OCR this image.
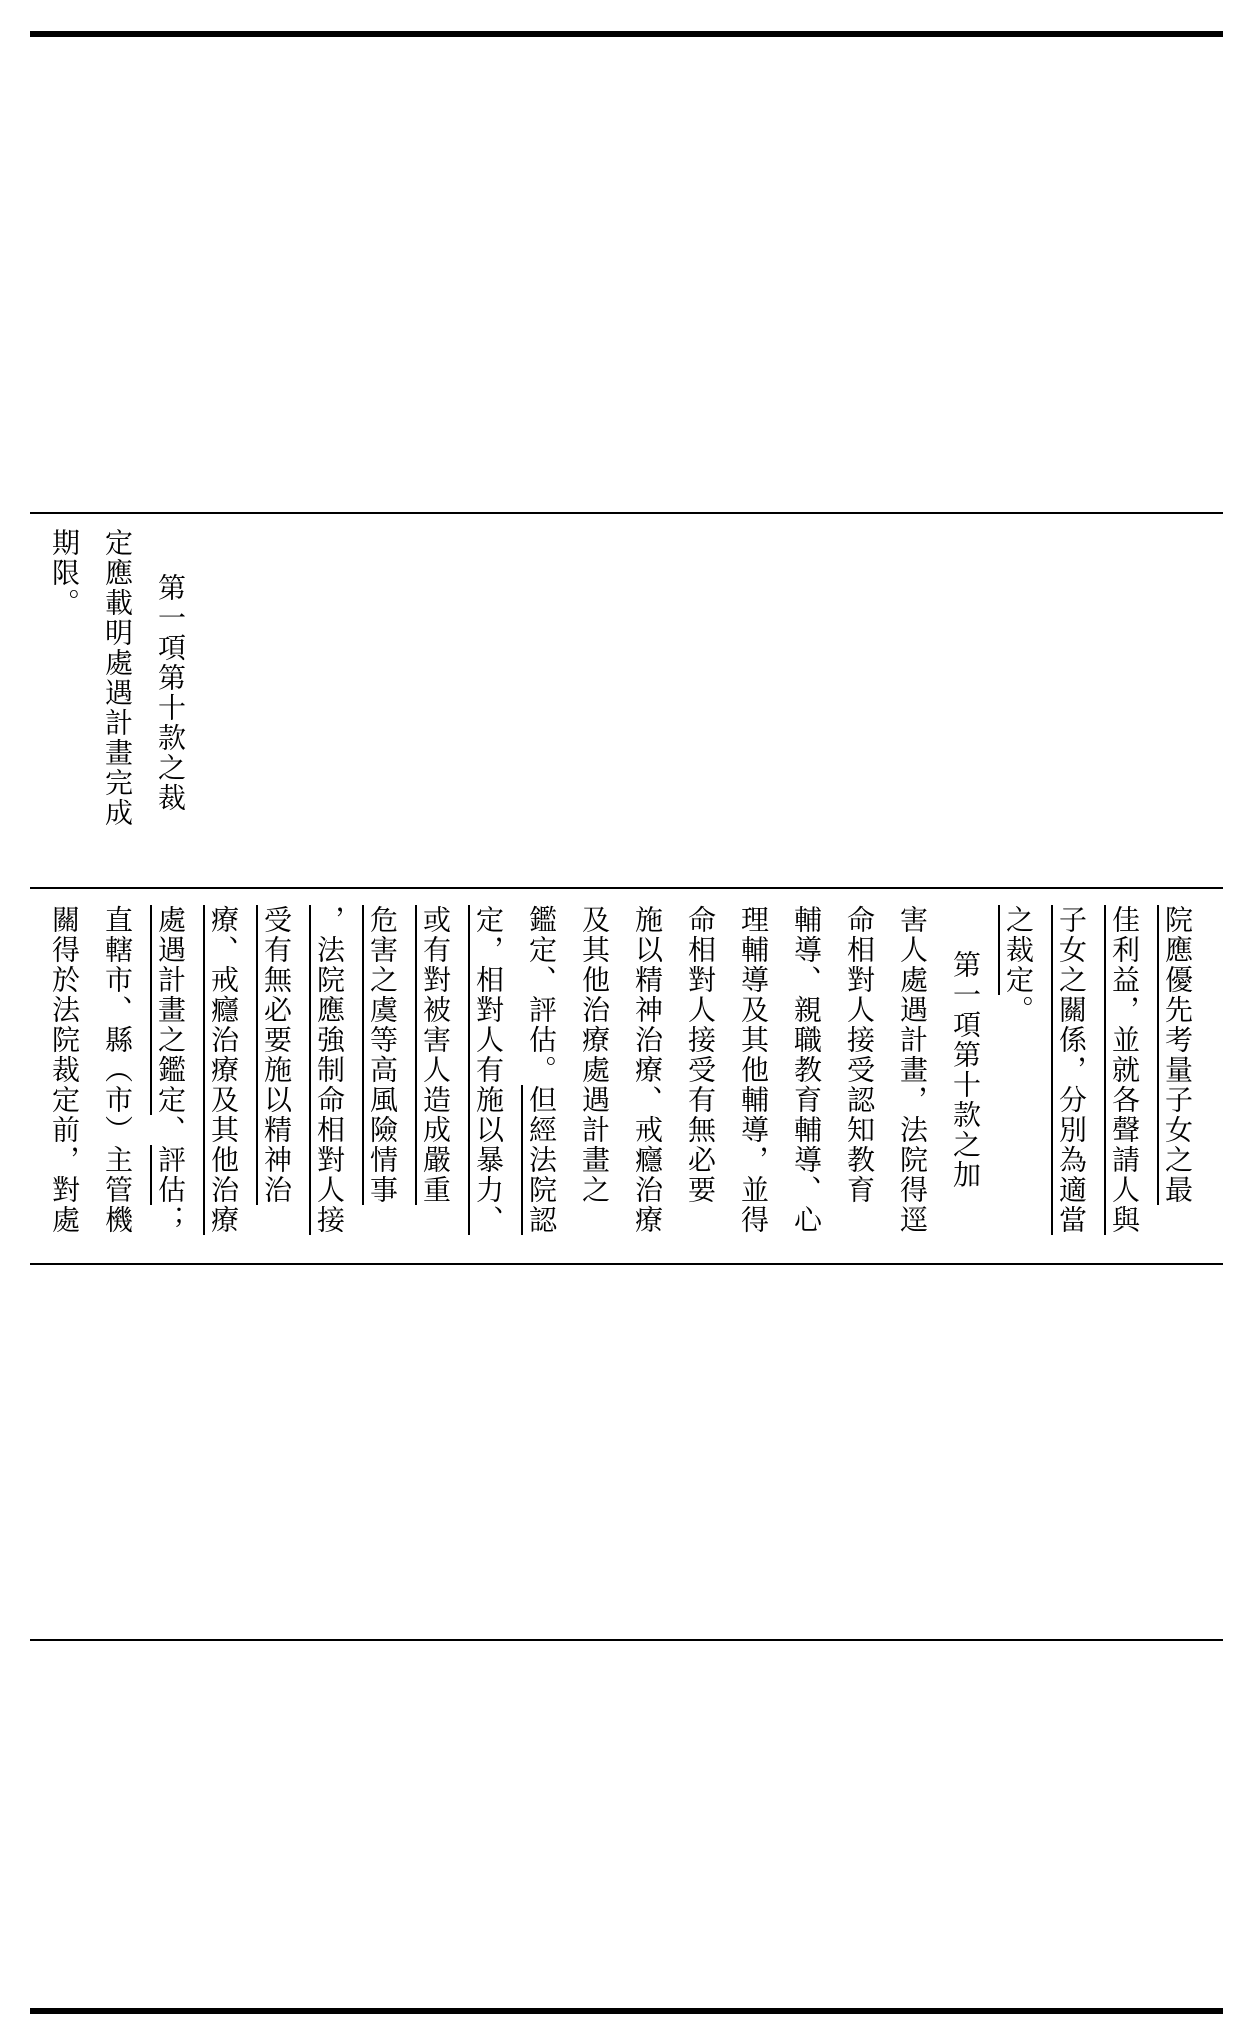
第一項第十款之裁
定應載明處遇計畫完成
期限。
院應優先考量子女之最
佳利益，並就各聲請人與
子女之關係，分別為適當
之裁定。
第一項第十款之加
害人處遇計畫，法院得逕
命相對人接受認知教育
輔導、親職教育輔導、心
理輔導及其他輔導，並得
命相對人接受有無必要
施以精神治療、戒癮治療
及其他治療處遇計畫之
鑑定、評估。但經法院認
定，相對人有施以暴力、
或有對被害人造成嚴重
危害之虞等高風險情事
，法院應強制命相對人接
受有無必要施以精神治
療、戒癮治療及其他治療
處遇計畫之鑑定、評估；
直轄市、縣（市）主管機
關得於法院裁定前，對處
